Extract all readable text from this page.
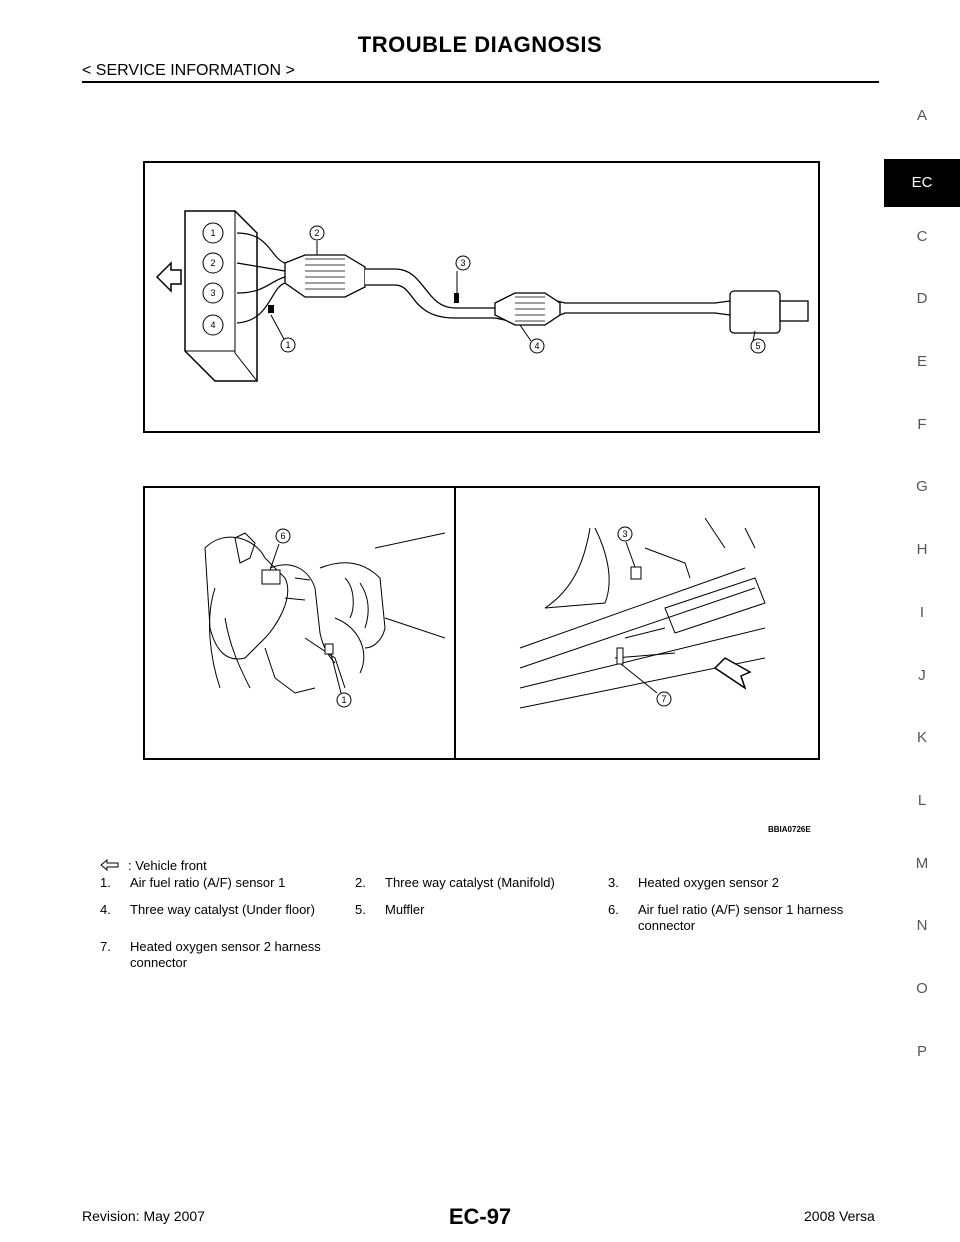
TROUBLE DIAGNOSIS
< SERVICE INFORMATION >
A
EC
C
D
E
F
G
H
I
J
K
L
M
N
O
P
1
2
3
4
1
2
3
4	5
6
1
3
7
BBIA0726E
: Vehicle front
1. Air fuel ratio (A/F) sensor 1	2. Three way catalyst (Manifold)	3. Heated oxygen sensor 2
4. Three way catalyst (Under floor)	5. Muffler	6. Air fuel ratio (A/F) sensor 1 harness connector
7. Heated oxygen sensor 2 harness connector
Revision: May 2007	EC-97	2008 Versa
